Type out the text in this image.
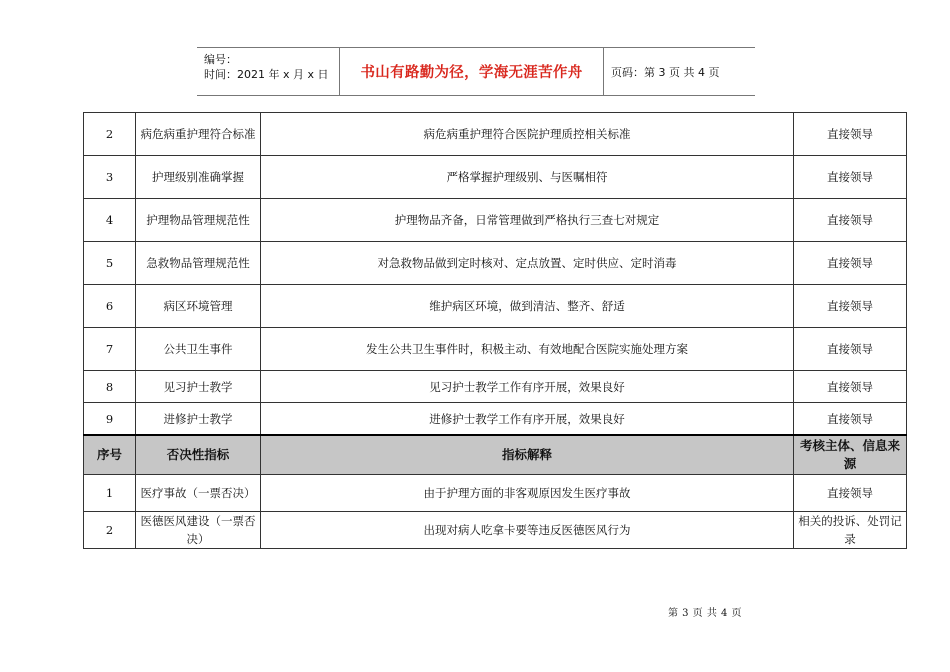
编号：
时间：2021 年 x 月 x 日	书山有路勤为径，学海无涯苦作舟	页码：第 3 页 共 4 页
2	病危病重护理符合标准	病危病重护理符合医院护理质控相关标准	直接领导
3	护理级别准确掌握	严格掌握护理级别、与医嘱相符	直接领导
4	护理物品管理规范性	护理物品齐备，日常管理做到严格执行三查七对规定	直接领导
5	急救物品管理规范性	对急救物品做到定时核对、定点放置、定时供应、定时消毒	直接领导
6	病区环境管理	维护病区环境，做到清洁、整齐、舒适	直接领导
7	公共卫生事件	发生公共卫生事件时，积极主动、有效地配合医院实施处理方案	直接领导
8	见习护士教学	见习护士教学工作有序开展，效果良好	直接领导
9	进修护士教学	进修护士教学工作有序开展，效果良好	直接领导
序号	否决性指标	指标解释	考核主体、信息来源
1	医疗事故（一票否决）	由于护理方面的非客观原因发生医疗事故	直接领导
2	医德医风建设（一票否决）	出现对病人吃拿卡要等违反医德医风行为	相关的投诉、处罚记录
第 3 页 共 4 页
